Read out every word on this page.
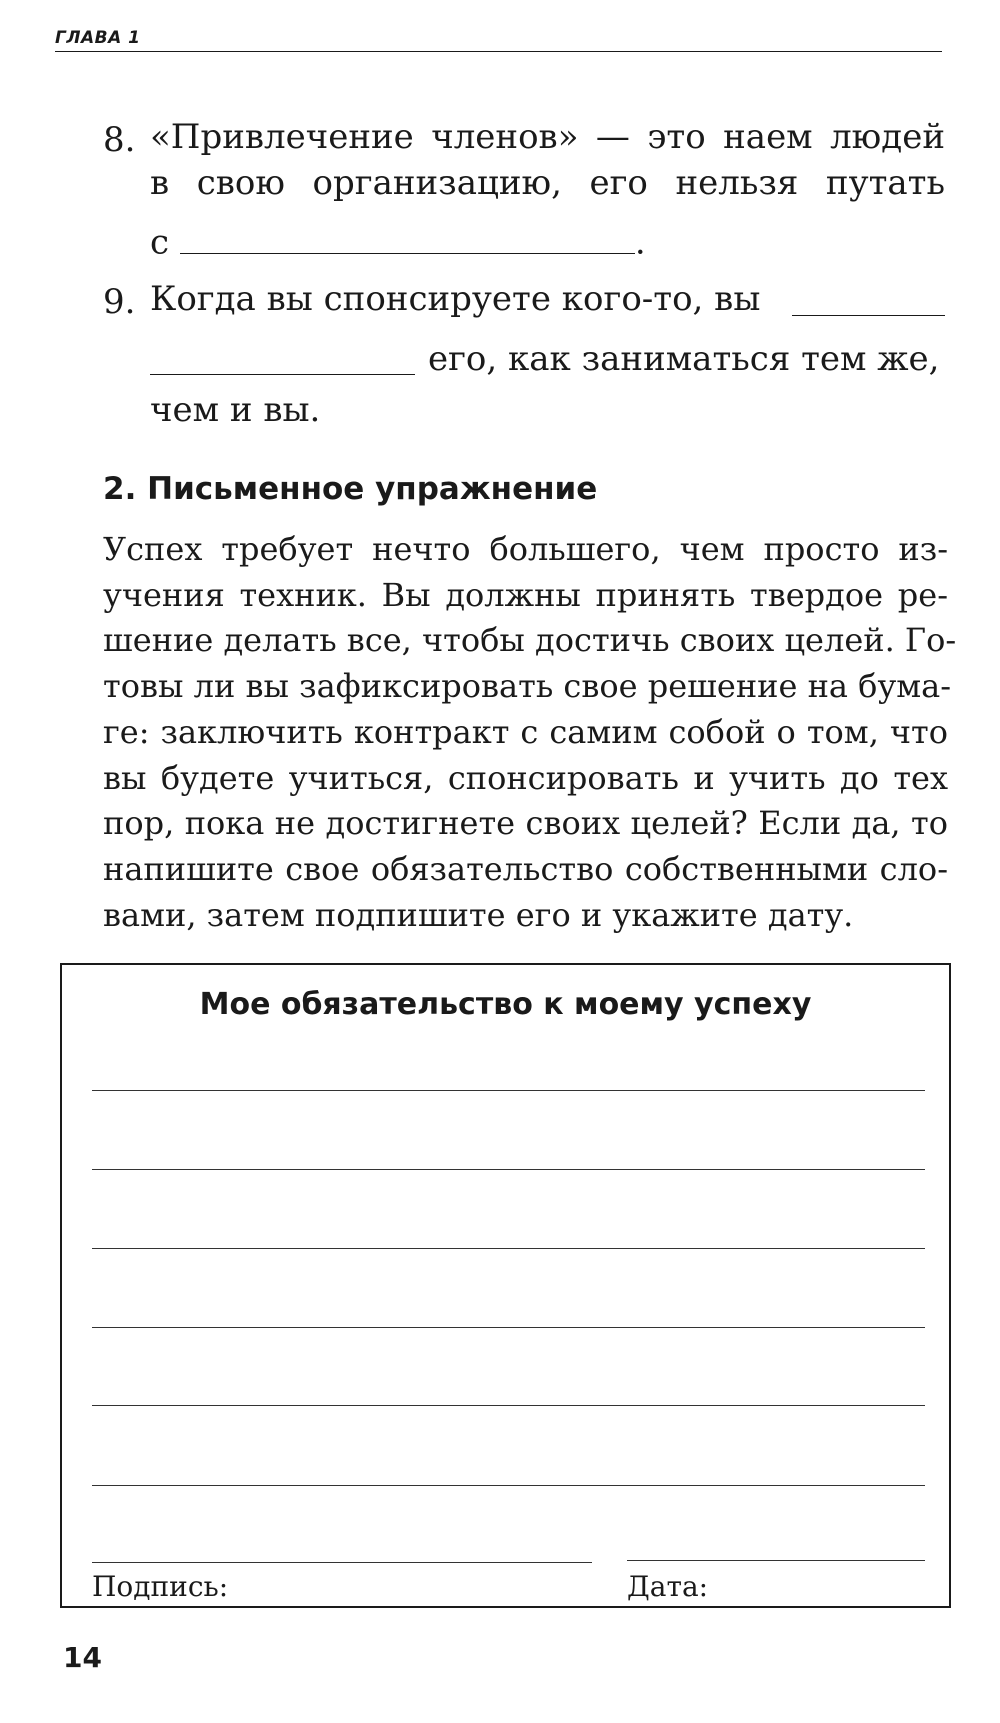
ГЛАВА 1
8. «Привлечение членов» — это наем людей
в свою организацию, его нельзя путать
с	.
9. Когда вы спонсируете кого-то, вы
его, как заниматься тем же,
чем и вы.
2. Письменное упражнение
Успех требует нечто большего, чем просто из-
учения техник. Вы должны принять твердое ре-
шение делать все, чтобы достичь своих целей. Го-
товы ли вы зафиксировать свое решение на бума-
ге: заключить контракт с самим собой о том, что
вы будете учиться, спонсировать и учить до тех
пор, пока не достигнете своих целей? Если да, то
напишите свое обязательство собственными сло-
вами, затем подпишите его и укажите дату.
Мое обязательство к моему успеху
Подпись:	Дата:
14
